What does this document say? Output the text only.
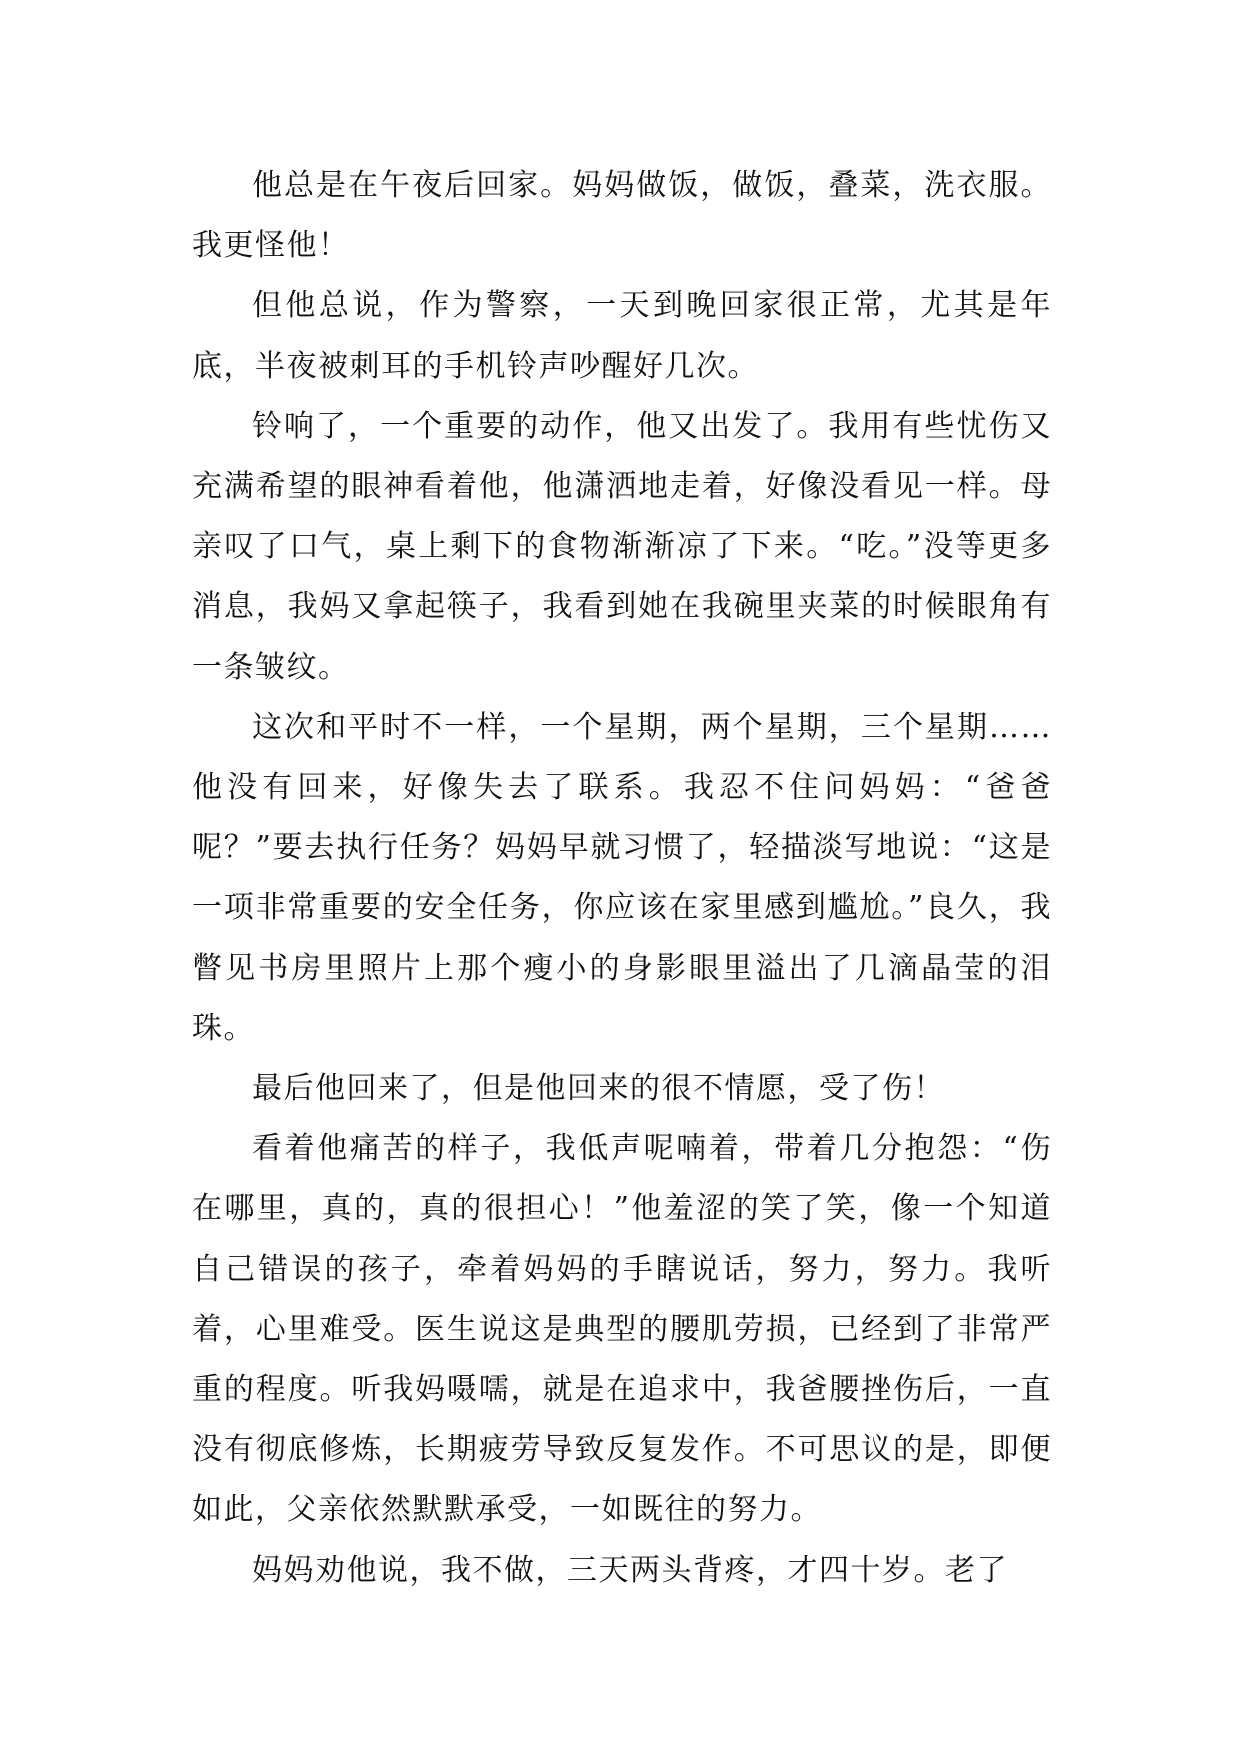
他总是在午夜后回家。妈妈做饭，做饭，叠菜，洗衣服。我更怪他！

但他总说，作为警察，一天到晚回家很正常，尤其是年底，半夜被刺耳的手机铃声吵醒好几次。

铃响了，一个重要的动作，他又出发了。我用有些忧伤又充满希望的眼神看着他，他潇洒地走着，好像没看见一样。母亲叹了口气，桌上剩下的食物渐渐凉了下来。“吃。”没等更多消息，我妈又拿起筷子，我看到她在我碗里夹菜的时候眼角有一条皱纹。

这次和平时不一样，一个星期，两个星期，三个星期……他没有回来，好像失去了联系。我忍不住问妈妈：“爸爸呢？”要去执行任务？妈妈早就习惯了，轻描淡写地说：“这是一项非常重要的安全任务，你应该在家里感到尴尬。”良久，我瞥见书房里照片上那个瘦小的身影眼里溢出了几滴晶莹的泪珠。

最后他回来了，但是他回来的很不情愿，受了伤！

看着他痛苦的样子，我低声呢喃着，带着几分抱怨：“伤在哪里，真的，真的很担心！”他羞涩的笑了笑，像一个知道自己错误的孩子，牵着妈妈的手瞎说话，努力，努力。我听着，心里难受。医生说这是典型的腰肌劳损，已经到了非常严重的程度。听我妈嗫嚅，就是在追求中，我爸腰挫伤后，一直没有彻底修炼，长期疲劳导致反复发作。不可思议的是，即便如此，父亲依然默默承受，一如既往的努力。

妈妈劝他说，我不做，三天两头背疼，才四十岁。老了
